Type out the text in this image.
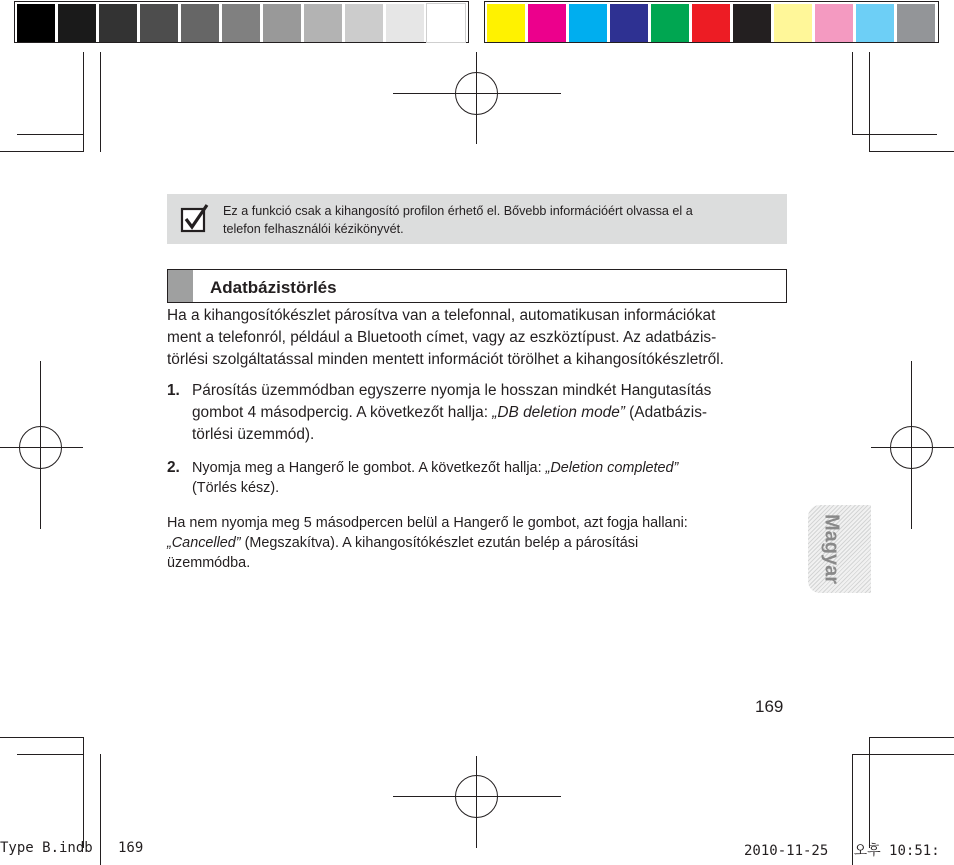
Ez a funkció csak a kihangosító profilon érhető el. Bővebb információért olvassa el a
telefon felhasználói kézikönyvét.
Adatbázistörlés
Ha a kihangosítókészlet párosítva van a telefonnal, automatikusan információkat
ment a telefonról, például a Bluetooth címet, vagy az eszköztípust. Az adatbázis-
törlési szolgáltatással minden mentett információt törölhet a kihangosítókészletről.
1. Párosítás üzemmódban egyszerre nyomja le hosszan mindkét Hangutasítás
gombot 4 másodpercig. A következőt hallja: „DB deletion mode” (Adatbázis-
törlési üzemmód).
2. Nyomja meg a Hangerő le gombot. A következőt hallja: „Deletion completed”
(Törlés kész).
Ha nem nyomja meg 5 másodpercen belül a Hangerő le gombot, azt fogja hallani:
„Cancelled” (Megszakítva). A kihangosítókészlet ezután belép a párosítási
üzemmódba.	Magyar
169
Type B.indb   169	2010-11-25   오후 10:51:
